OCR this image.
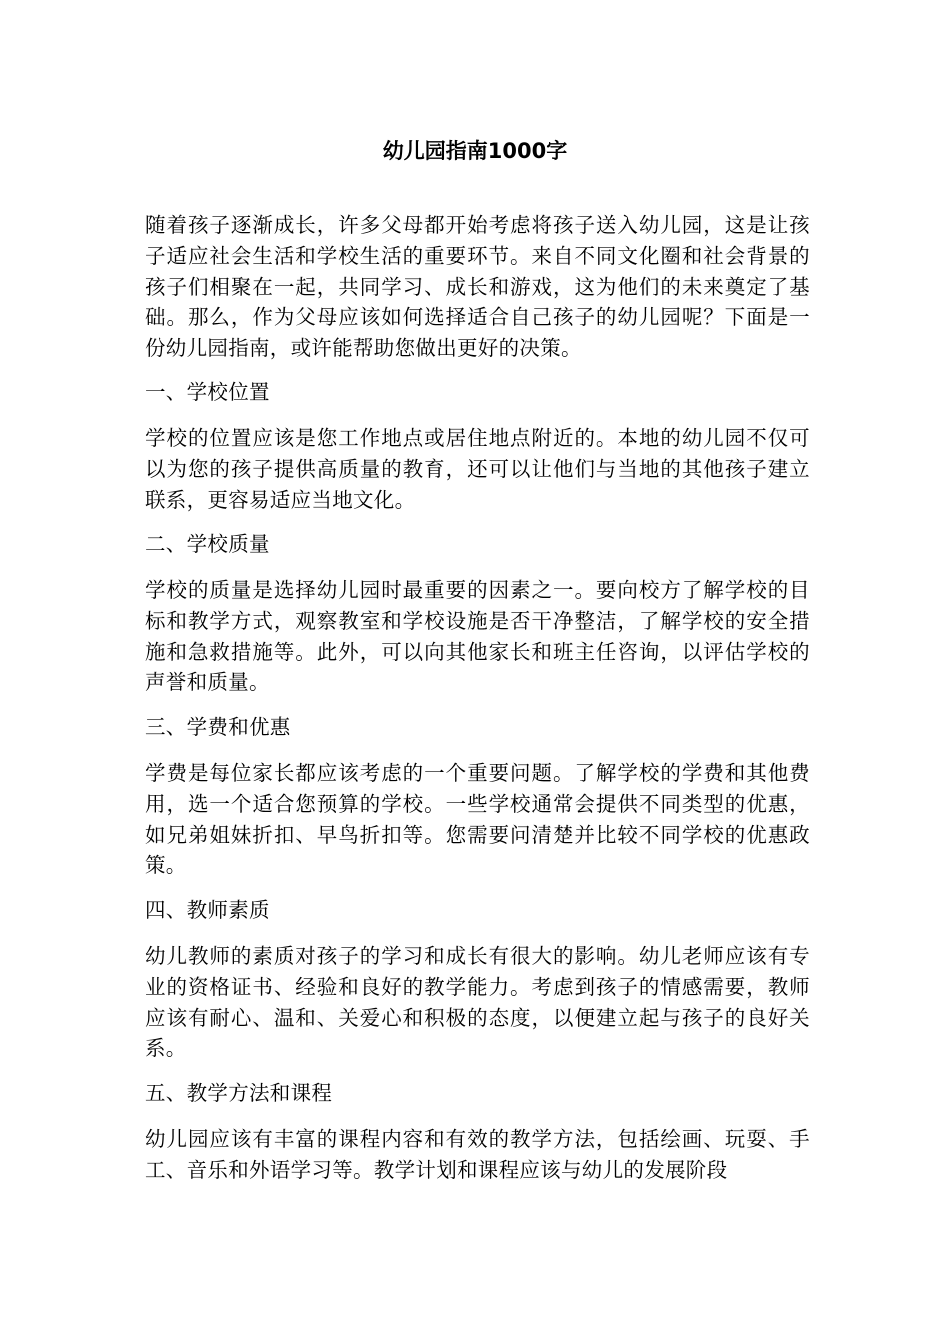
幼儿园指南1000字

随着孩子逐渐成长，许多父母都开始考虑将孩子送入幼儿园，这是让孩子适应社会生活和学校生活的重要环节。来自不同文化圈和社会背景的孩子们相聚在一起，共同学习、成长和游戏，这为他们的未来奠定了基础。那么，作为父母应该如何选择适合自己孩子的幼儿园呢？下面是一份幼儿园指南，或许能帮助您做出更好的决策。

一、学校位置

学校的位置应该是您工作地点或居住地点附近的。本地的幼儿园不仅可以为您的孩子提供高质量的教育，还可以让他们与当地的其他孩子建立联系，更容易适应当地文化。

二、学校质量

学校的质量是选择幼儿园时最重要的因素之一。要向校方了解学校的目标和教学方式，观察教室和学校设施是否干净整洁，了解学校的安全措施和急救措施等。此外，可以向其他家长和班主任咨询，以评估学校的声誉和质量。

三、学费和优惠

学费是每位家长都应该考虑的一个重要问题。了解学校的学费和其他费用，选一个适合您预算的学校。一些学校通常会提供不同类型的优惠，如兄弟姐妹折扣、早鸟折扣等。您需要问清楚并比较不同学校的优惠政策。

四、教师素质

幼儿教师的素质对孩子的学习和成长有很大的影响。幼儿老师应该有专业的资格证书、经验和良好的教学能力。考虑到孩子的情感需要，教师应该有耐心、温和、关爱心和积极的态度，以便建立起与孩子的良好关系。

五、教学方法和课程

幼儿园应该有丰富的课程内容和有效的教学方法，包括绘画、玩耍、手工、音乐和外语学习等。教学计划和课程应该与幼儿的发展阶段
